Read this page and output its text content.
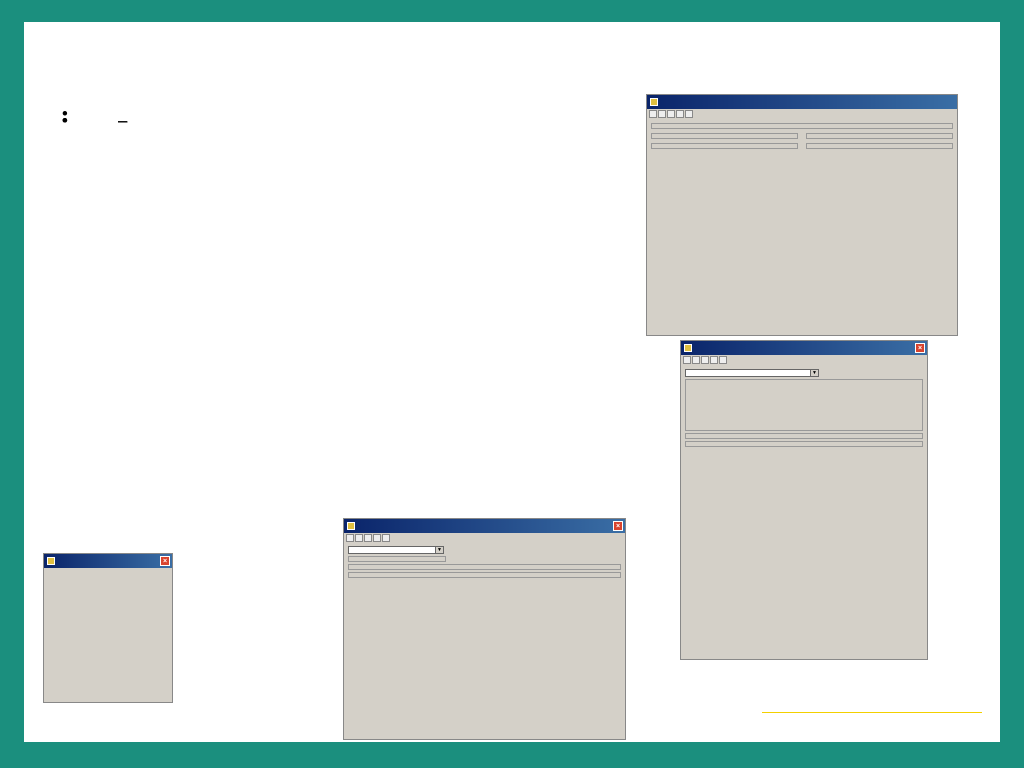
×
▼
×
▼
×
